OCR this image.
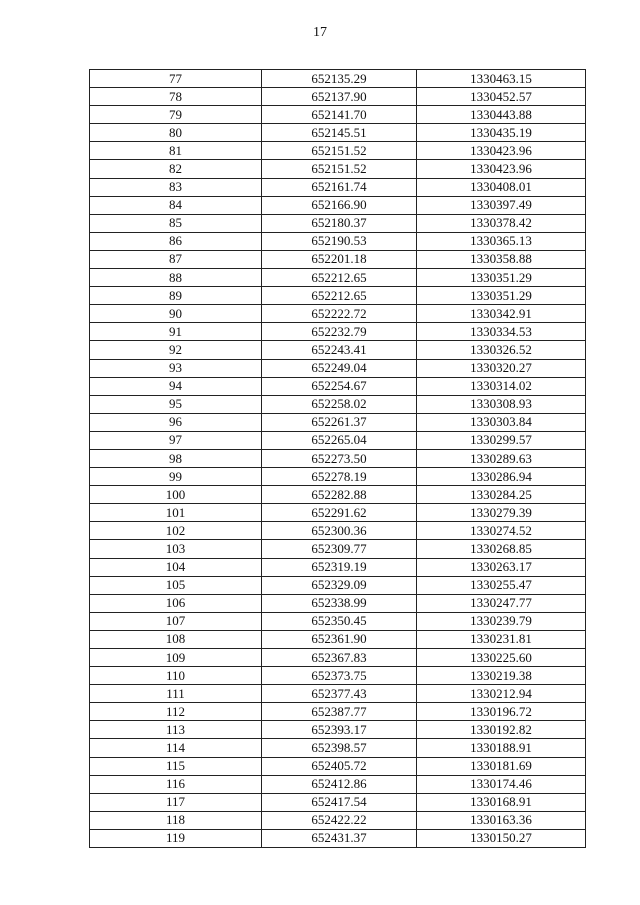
17
77	652135.29	1330463.15
78	652137.90	1330452.57
79	652141.70	1330443.88
80	652145.51	1330435.19
81	652151.52	1330423.96
82	652151.52	1330423.96
83	652161.74	1330408.01
84	652166.90	1330397.49
85	652180.37	1330378.42
86	652190.53	1330365.13
87	652201.18	1330358.88
88	652212.65	1330351.29
89	652212.65	1330351.29
90	652222.72	1330342.91
91	652232.79	1330334.53
92	652243.41	1330326.52
93	652249.04	1330320.27
94	652254.67	1330314.02
95	652258.02	1330308.93
96	652261.37	1330303.84
97	652265.04	1330299.57
98	652273.50	1330289.63
99	652278.19	1330286.94
100	652282.88	1330284.25
101	652291.62	1330279.39
102	652300.36	1330274.52
103	652309.77	1330268.85
104	652319.19	1330263.17
105	652329.09	1330255.47
106	652338.99	1330247.77
107	652350.45	1330239.79
108	652361.90	1330231.81
109	652367.83	1330225.60
110	652373.75	1330219.38
111	652377.43	1330212.94
112	652387.77	1330196.72
113	652393.17	1330192.82
114	652398.57	1330188.91
115	652405.72	1330181.69
116	652412.86	1330174.46
117	652417.54	1330168.91
118	652422.22	1330163.36
119	652431.37	1330150.27
